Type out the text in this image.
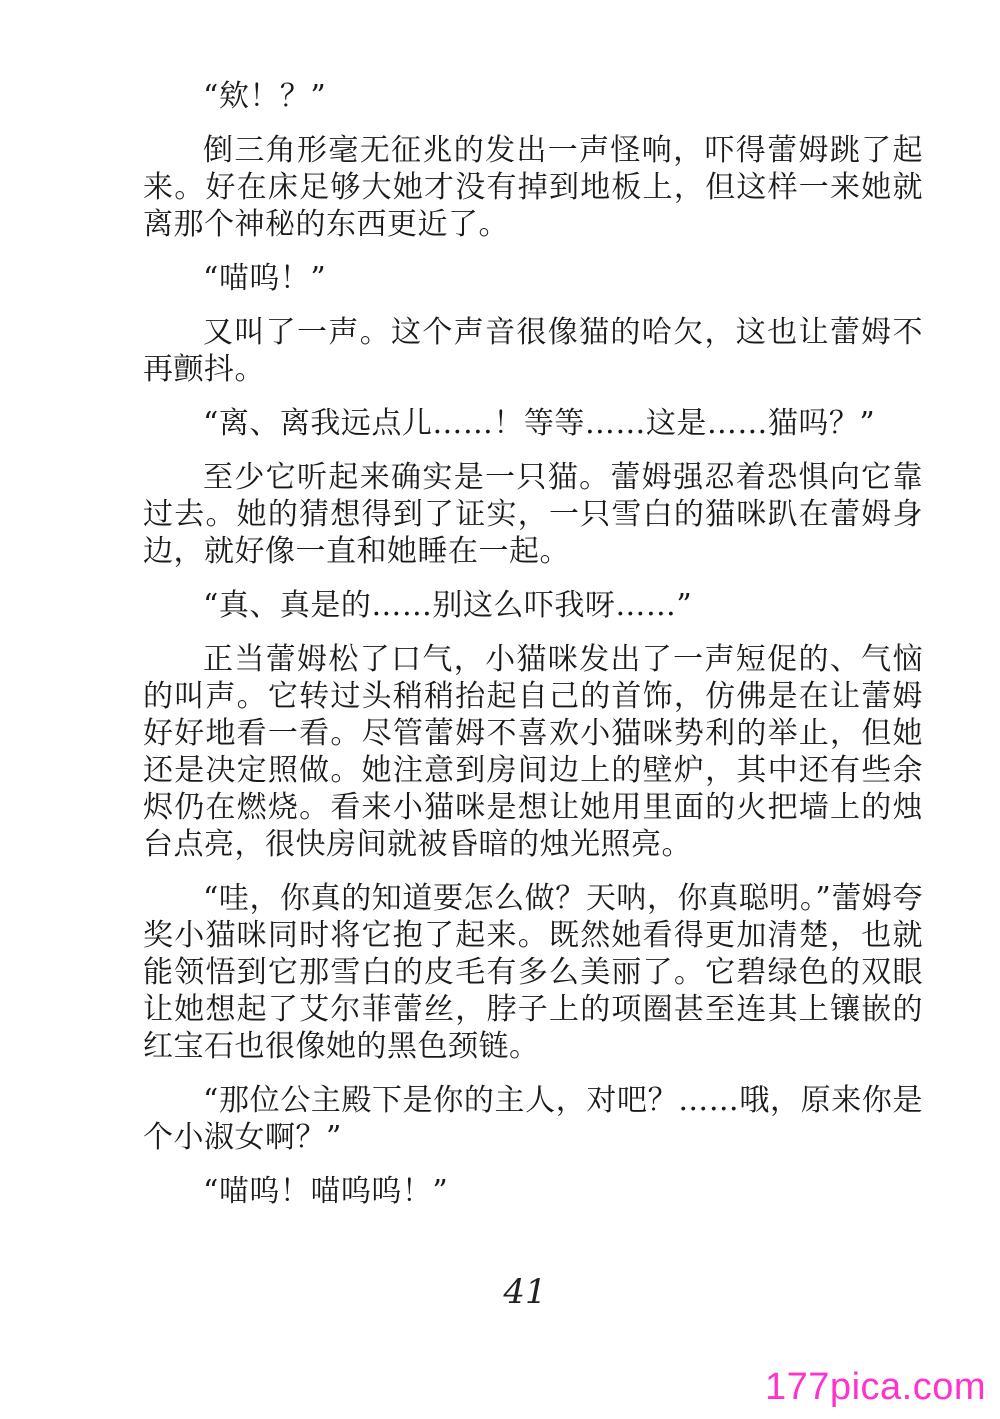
“欸！？”

倒三角形毫无征兆的发出一声怪响，吓得蕾姆跳了起来。好在床足够大她才没有掉到地板上，但这样一来她就离那个神秘的东西更近了。

“喵呜！”

又叫了一声。这个声音很像猫的哈欠，这也让蕾姆不再颤抖。

“离、离我远点儿……！等等……这是……猫吗？”

至少它听起来确实是一只猫。蕾姆强忍着恐惧向它靠过去。她的猜想得到了证实，一只雪白的猫咪趴在蕾姆身边，就好像一直和她睡在一起。

“真、真是的……别这么吓我呀……”

正当蕾姆松了口气，小猫咪发出了一声短促的、气恼的叫声。它转过头稍稍抬起自己的首饰，仿佛是在让蕾姆好好地看一看。尽管蕾姆不喜欢小猫咪势利的举止，但她还是决定照做。她注意到房间边上的壁炉，其中还有些余烬仍在燃烧。看来小猫咪是想让她用里面的火把墙上的烛台点亮，很快房间就被昏暗的烛光照亮。

“哇，你真的知道要怎么做？天呐，你真聪明。”蕾姆夸奖小猫咪同时将它抱了起来。既然她看得更加清楚，也就能领悟到它那雪白的皮毛有多么美丽了。它碧绿色的双眼让她想起了艾尔菲蕾丝，脖子上的项圈甚至连其上镶嵌的红宝石也很像她的黑色颈链。

“那位公主殿下是你的主人，对吧？……哦，原来你是个小淑女啊？”

“喵呜！喵呜呜！”

41
177pica.com
